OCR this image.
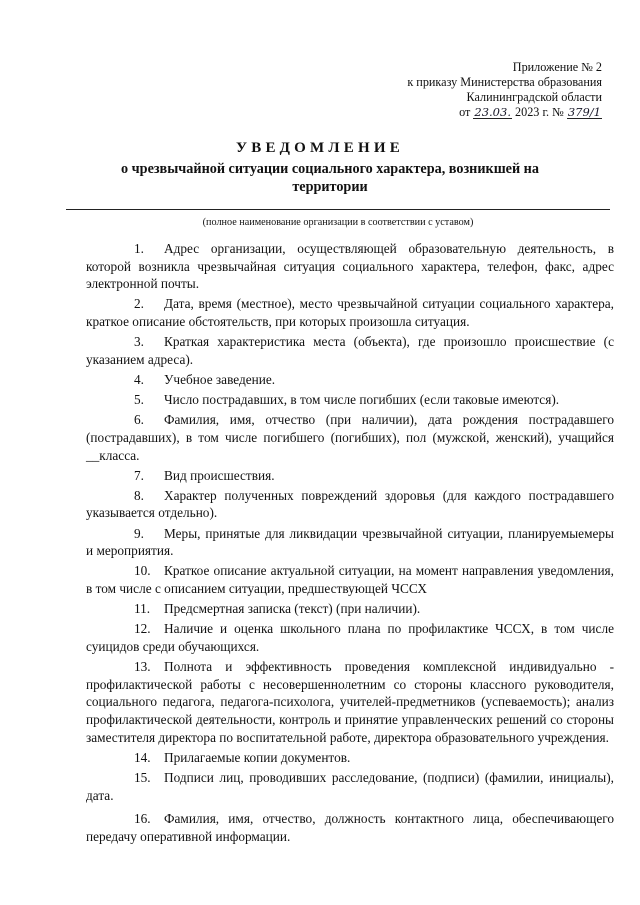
Приложение № 2
к приказу Министерства образования
Калининградской области
от 23.03. 2023 г. № 379/1
УВЕДОМЛЕНИЕ
о чрезвычайной ситуации социального характера, возникшей на территории
(полное наименование организации в соответствии с уставом)

1. Адрес организации, осуществляющей образовательную деятельность, в которой возникла чрезвычайная ситуация социального характера, телефон, факс, адрес электронной почты.

2. Дата, время (местное), место чрезвычайной ситуации социального характера, краткое описание обстоятельств, при которых произошла ситуация.

3. Краткая характеристика места (объекта), где произошло происшествие (с указанием адреса).

4. Учебное заведение.

5. Число пострадавших, в том числе погибших (если таковые имеются).

6. Фамилия, имя, отчество (при наличии), дата рождения пострадавшего (пострадавших), в том числе погибшего (погибших), пол (мужской, женский), учащийся __класса.

7. Вид происшествия.

8. Характер полученных повреждений здоровья (для каждого пострадавшего указывается отдельно).

9. Меры, принятые для ликвидации чрезвычайной ситуации, планируемыемеры и мероприятия.

10. Краткое описание актуальной ситуации, на момент направления уведомления, в том числе с описанием ситуации, предшествующей ЧССХ

11. Предсмертная записка (текст) (при наличии).

12. Наличие и оценка школьного плана по профилактике ЧССХ, в том числе суицидов среди обучающихся.

13. Полнота и эффективность проведения комплексной индивидуально - профилактической работы с несовершеннолетним со стороны классного руководителя, социального педагога, педагога-психолога, учителей-предметников (успеваемость); анализ профилактической деятельности, контроль и принятие управленческих решений со стороны заместителя директора по воспитательной работе, директора образовательного учреждения.

14. Прилагаемые копии документов.

15. Подписи лиц, проводивших расследование, (подписи) (фамилии, инициалы), дата.

16. Фамилия, имя, отчество, должность контактного лица, обеспечивающего передачу оперативной информации.
